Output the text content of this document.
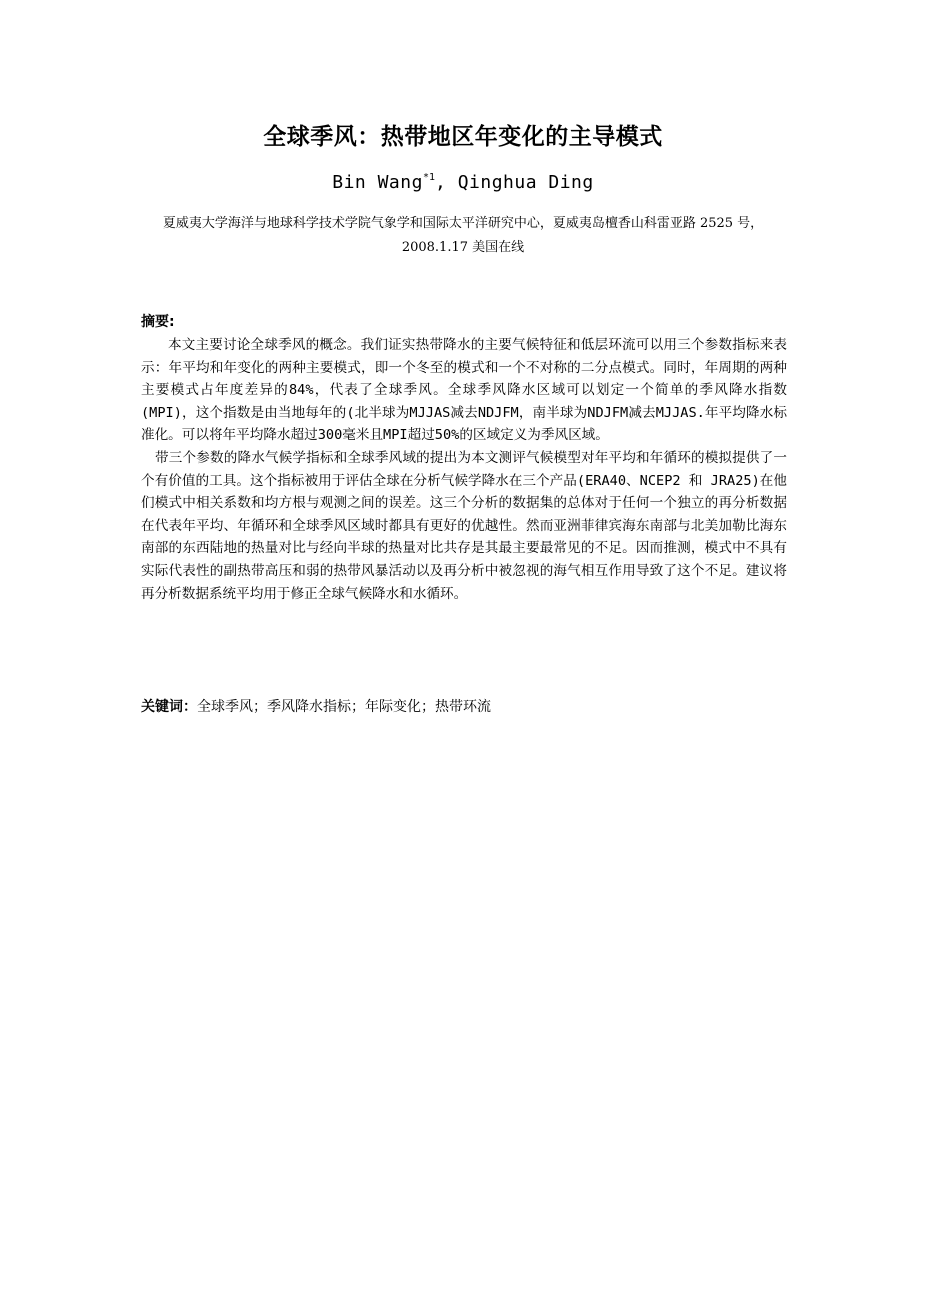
全球季风：热带地区年变化的主导模式
Bin Wang$^{*1}$, Qinghua Ding
夏威夷大学海洋与地球科学技术学院气象学和国际太平洋研究中心，夏威夷岛檀香山科雷亚路 2525 号，
2008.1.17 美国在线
摘要:

本文主要讨论全球季风的概念。我们证实热带降水的主要气候特征和低层环流可以用三个参数指标来表示：年平均和年变化的两种主要模式，即一个冬至的模式和一个不对称的二分点模式。同时，年周期的两种主要模式占年度差异的84%，代表了全球季风。全球季风降水区域可以划定一个简单的季风降水指数(MPI)，这个指数是由当地每年的(北半球为MJJAS减去NDJFM，南半球为NDJFM减去MJJAS.年平均降水标准化。可以将年平均降水超过300毫米且MPI超过50%的区域定义为季风区域。

带三个参数的降水气候学指标和全球季风域的提出为本文测评气候模型对年平均和年循环的模拟提供了一个有价值的工具。这个指标被用于评估全球在分析气候学降水在三个产品(ERA40、NCEP2 和 JRA25)在他们模式中相关系数和均方根与观测之间的误差。这三个分析的数据集的总体对于任何一个独立的再分析数据在代表年平均、年循环和全球季风区域时都具有更好的优越性。然而亚洲菲律宾海东南部与北美加勒比海东南部的东西陆地的热量对比与经向半球的热量对比共存是其最主要最常见的不足。因而推测，模式中不具有实际代表性的副热带高压和弱的热带风暴活动以及再分析中被忽视的海气相互作用导致了这个不足。建议将再分析数据系统平均用于修正全球气候降水和水循环。

关键词：全球季风；季风降水指标；年际变化；热带环流
